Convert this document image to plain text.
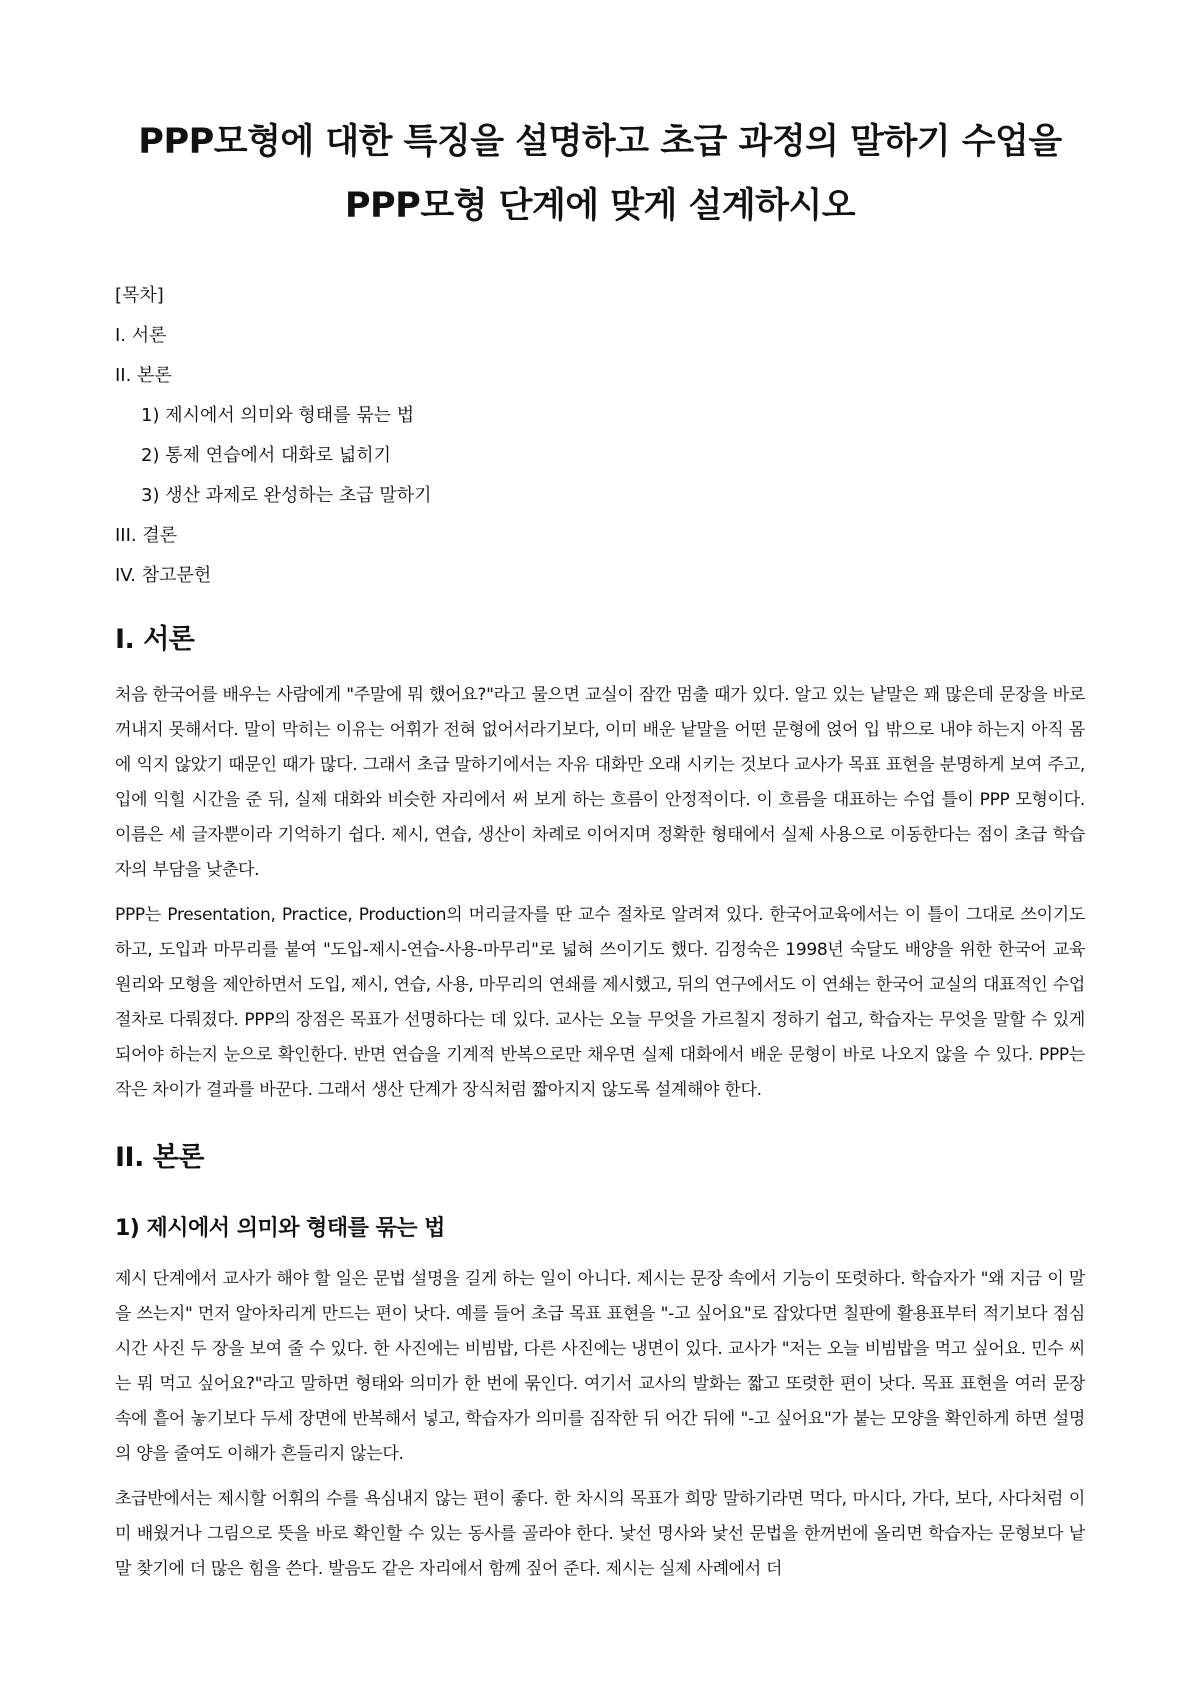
PPP모형에 대한 특징을 설명하고 초급 과정의 말하기 수업을 PPP모형 단계에 맞게 설계하시오
[목차]
I. 서론
II. 본론
1) 제시에서 의미와 형태를 묶는 법
2) 통제 연습에서 대화로 넓히기
3) 생산 과제로 완성하는 초급 말하기
III. 결론
IV. 참고문헌
I. 서론

처음 한국어를 배우는 사람에게 "주말에 뭐 했어요?"라고 물으면 교실이 잠깐 멈출 때가 있다. 알고 있는 낱말은 꽤 많은데 문장을 바로 꺼내지 못해서다. 말이 막히는 이유는 어휘가 전혀 없어서라기보다, 이미 배운 낱말을 어떤 문형에 얹어 입 밖으로 내야 하는지 아직 몸에 익지 않았기 때문인 때가 많다. 그래서 초급 말하기에서는 자유 대화만 오래 시키는 것보다 교사가 목표 표현을 분명하게 보여 주고, 입에 익힐 시간을 준 뒤, 실제 대화와 비슷한 자리에서 써 보게 하는 흐름이 안정적이다. 이 흐름을 대표하는 수업 틀이 PPP 모형이다. 이름은 세 글자뿐이라 기억하기 쉽다. 제시, 연습, 생산이 차례로 이어지며 정확한 형태에서 실제 사용으로 이동한다는 점이 초급 학습자의 부담을 낮춘다.

PPP는 Presentation, Practice, Production의 머리글자를 딴 교수 절차로 알려져 있다. 한국어교육에서는 이 틀이 그대로 쓰이기도 하고, 도입과 마무리를 붙여 "도입-제시-연습-사용-마무리"로 넓혀 쓰이기도 했다. 김정숙은 1998년 숙달도 배양을 위한 한국어 교육 원리와 모형을 제안하면서 도입, 제시, 연습, 사용, 마무리의 연쇄를 제시했고, 뒤의 연구에서도 이 연쇄는 한국어 교실의 대표적인 수업 절차로 다뤄졌다. PPP의 장점은 목표가 선명하다는 데 있다. 교사는 오늘 무엇을 가르칠지 정하기 쉽고, 학습자는 무엇을 말할 수 있게 되어야 하는지 눈으로 확인한다. 반면 연습을 기계적 반복으로만 채우면 실제 대화에서 배운 문형이 바로 나오지 않을 수 있다. PPP는 작은 차이가 결과를 바꾼다. 그래서 생산 단계가 장식처럼 짧아지지 않도록 설계해야 한다.

II. 본론
1) 제시에서 의미와 형태를 묶는 법

제시 단계에서 교사가 해야 할 일은 문법 설명을 길게 하는 일이 아니다. 제시는 문장 속에서 기능이 또렷하다. 학습자가 "왜 지금 이 말을 쓰는지" 먼저 알아차리게 만드는 편이 낫다. 예를 들어 초급 목표 표현을 "-고 싶어요"로 잡았다면 칠판에 활용표부터 적기보다 점심시간 사진 두 장을 보여 줄 수 있다. 한 사진에는 비빔밥, 다른 사진에는 냉면이 있다. 교사가 "저는 오늘 비빔밥을 먹고 싶어요. 민수 씨는 뭐 먹고 싶어요?"라고 말하면 형태와 의미가 한 번에 묶인다. 여기서 교사의 발화는 짧고 또렷한 편이 낫다. 목표 표현을 여러 문장 속에 흩어 놓기보다 두세 장면에 반복해서 넣고, 학습자가 의미를 짐작한 뒤 어간 뒤에 "-고 싶어요"가 붙는 모양을 확인하게 하면 설명의 양을 줄여도 이해가 흔들리지 않는다.

초급반에서는 제시할 어휘의 수를 욕심내지 않는 편이 좋다. 한 차시의 목표가 희망 말하기라면 먹다, 마시다, 가다, 보다, 사다처럼 이미 배웠거나 그림으로 뜻을 바로 확인할 수 있는 동사를 골라야 한다. 낯선 명사와 낯선 문법을 한꺼번에 올리면 학습자는 문형보다 낱말 찾기에 더 많은 힘을 쓴다. 발음도 같은 자리에서 함께 짚어 준다. 제시는 실제 사례에서 더
